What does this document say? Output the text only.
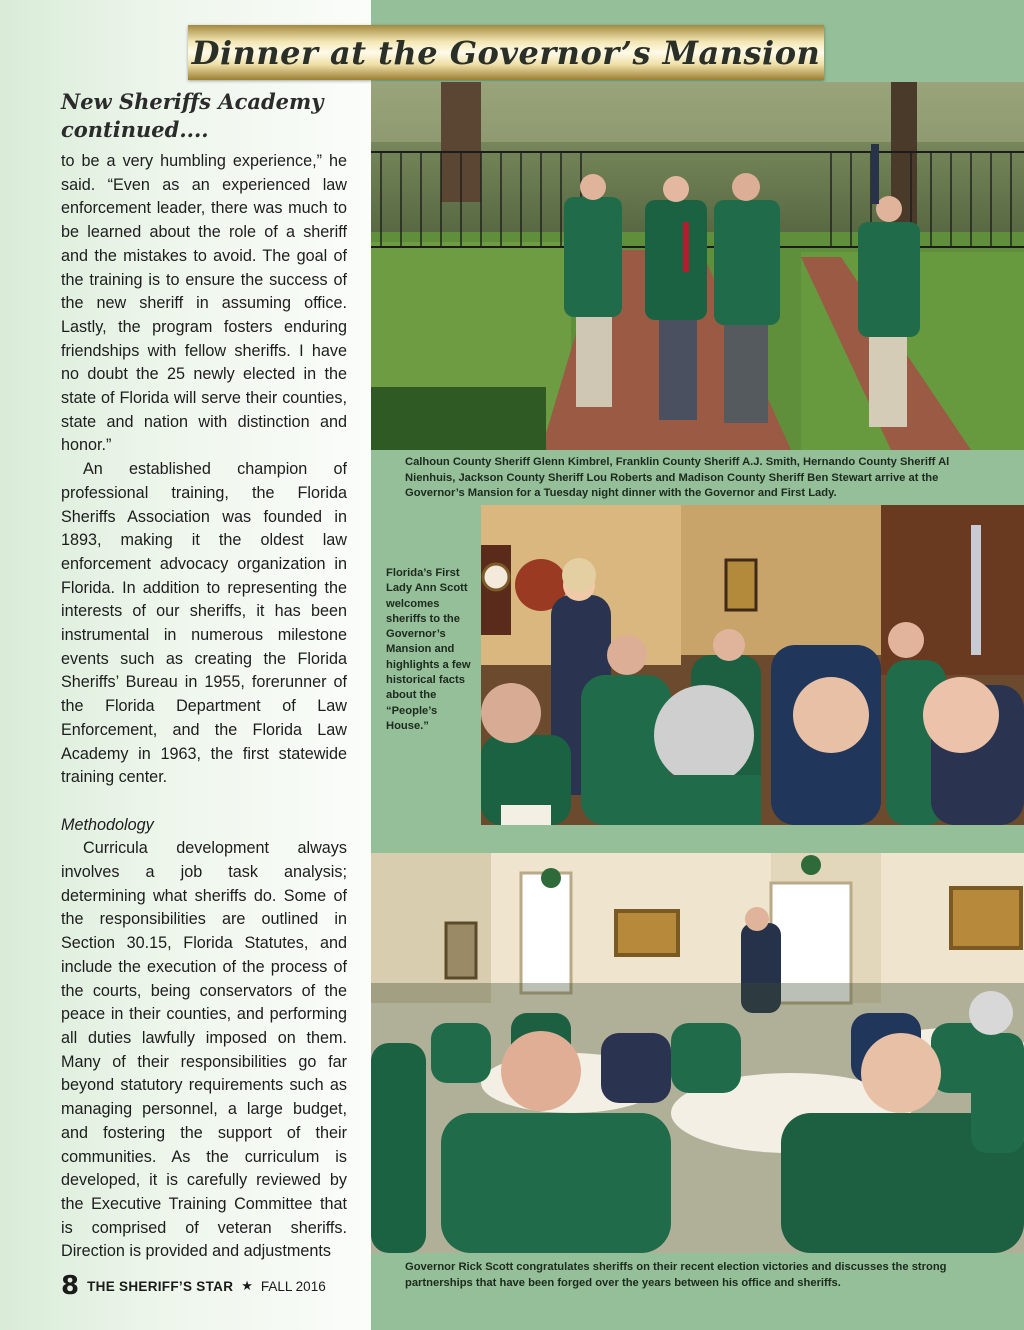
Dinner at the Governor’s Mansion
New Sheriffs Academy
continued....

to be a very humbling experience,” he said. “Even as an experienced law enforcement leader, there was much to be learned about the role of a sheriff and the mistakes to avoid. The goal of the training is to ensure the success of the new sheriff in assuming office. Lastly, the program fosters enduring friendships with fellow sheriffs. I have no doubt the 25 newly elected in the state of Florida will serve their counties, state and nation with distinction and honor.”

An established champion of professional training, the Florida Sheriffs Association was founded in 1893, making it the oldest law enforcement advocacy organization in Florida. In addition to representing the interests of our sheriffs, it has been instrumental in numerous milestone events such as creating the Florida Sheriffs’ Bureau in 1955, forerunner of the Florida Department of Law Enforcement, and the Florida Law Academy in 1963, the first statewide training center.

Methodology

Curricula development always involves a job task analysis; determining what sheriffs do. Some of the responsibilities are outlined in Section 30.15, Florida Statutes, and include the execution of the process of the courts, being conservators of the peace in their counties, and performing all duties lawfully imposed on them. Many of their responsibilities go far beyond statutory requirements such as managing personnel, a large budget, and fostering the support of their communities. As the curriculum is developed, it is carefully reviewed by the Executive Training Committee that is comprised of veteran sheriffs. Direction is provided and adjustments

8 THE SHERIFF’S STAR ★ FALL 2016

Calhoun County Sheriff Glenn Kimbrel, Franklin County Sheriff A.J. Smith, Hernando County Sheriff Al Nienhuis, Jackson County Sheriff Lou Roberts and Madison County Sheriff Ben Stewart arrive at the Governor’s Mansion for a Tuesday night dinner with the Governor and First Lady.

Florida’s First Lady Ann Scott welcomes sheriffs to the Governor’s Mansion and highlights a few historical facts about the “People’s House.”

Governor Rick Scott congratulates sheriffs on their recent election victories and discusses the strong partnerships that have been forged over the years between his office and sheriffs.
